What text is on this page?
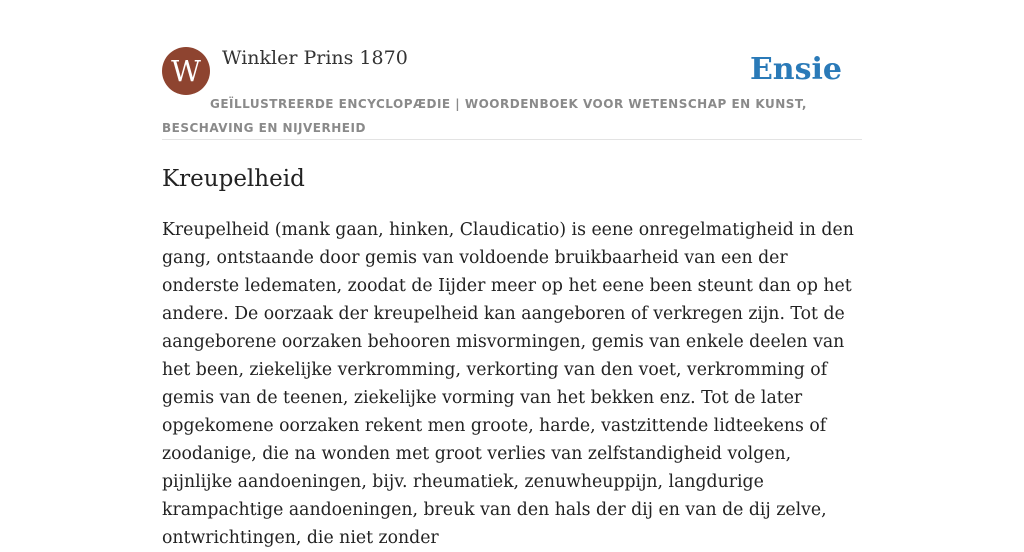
W	Winkler Prins 1870	Ensie
GEÏLLUSTREERDE ENCYCLOPÆDIE | WOORDENBOEK VOOR WETENSCHAP EN KUNST, BESCHAVING EN NIJVERHEID
Kreupelheid

Kreupelheid (mank gaan, hinken, Claudicatio) is eene onregelmatigheid in den gang, ontstaande door gemis van voldoende bruikbaarheid van een der onderste ledematen, zoodat de Iijder meer op het eene been steunt dan op het andere. De oorzaak der kreupelheid kan aangeboren of verkregen zijn. Tot de aangeborene oorzaken behooren misvormingen, gemis van enkele deelen van het been, ziekelijke verkromming, verkorting van den voet, verkromming of gemis van de teenen, ziekelijke vorming van het bekken enz. Tot de later opgekomene oorzaken rekent men groote, harde, vastzittende lidteekens of zoodanige, die na wonden met groot verlies van zelfstandigheid volgen, pijnlijke aandoeningen, bijv. rheumatiek, zenuwheuppijn, langdurige krampachtige aandoeningen, breuk van den hals der dij en van de dij zelve, ontwrichtingen, die niet zonder
